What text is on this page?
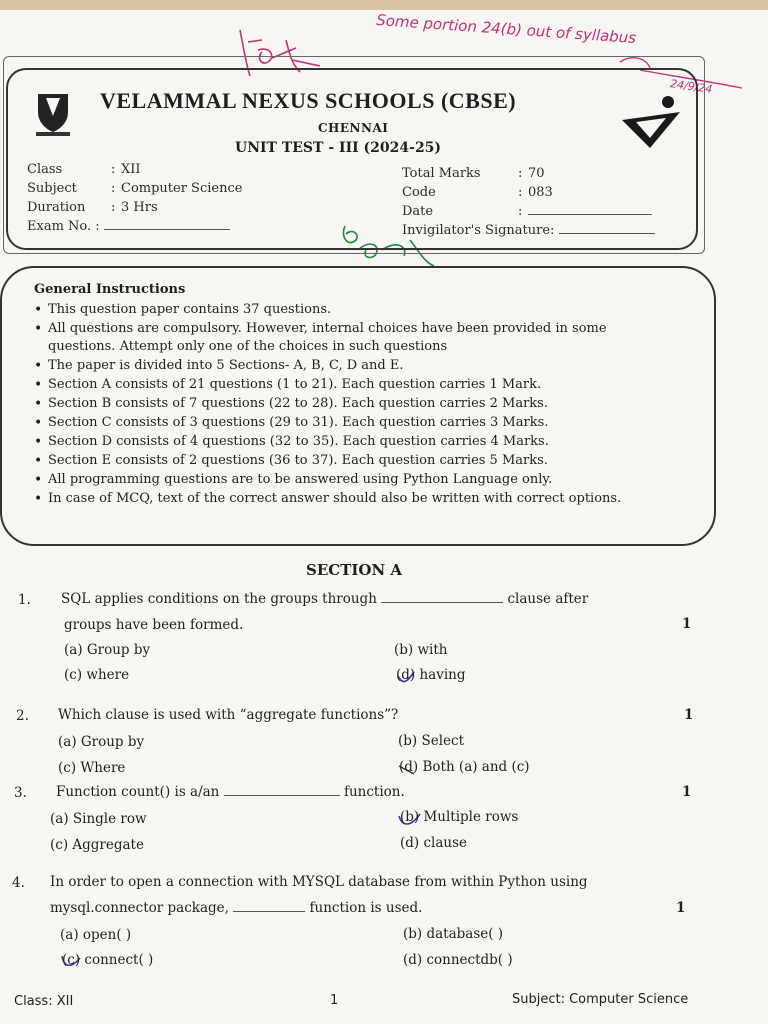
Some portion 24(b) out of syllabus
24/9/24
VELAMMAL NEXUS SCHOOLS (CBSE)
CHENNAI
UNIT TEST - III (2024-25)
Class	: XII
Subject	: Computer Science
Duration : 3 Hrs
Exam No. :
Total Marks	: 70
Code	: 083
Date	:
Invigilator's Signature:
General Instructions
• This question paper contains 37 questions.
• All questions are compulsory. However, internal choices have been provided in some questions. Attempt only one of the choices in such questions
• The paper is divided into 5 Sections- A, B, C, D and E.
• Section A consists of 21 questions (1 to 21). Each question carries 1 Mark.
• Section B consists of 7 questions (22 to 28). Each question carries 2 Marks.
• Section C consists of 3 questions (29 to 31). Each question carries 3 Marks.
• Section D consists of 4 questions (32 to 35). Each question carries 4 Marks.
• Section E consists of 2 questions (36 to 37). Each question carries 5 Marks.
• All programming questions are to be answered using Python Language only.
• In case of MCQ, text of the correct answer should also be written with correct options.
SECTION A
1. SQL applies conditions on the groups through	clause after
groups have been formed.	1
(a) Group by	(b) with
(c) where	(d) having
2. Which clause is used with “aggregate functions”?	1
(a) Group by	(b) Select
(c) Where	(d) Both (a) and (c)
3. Function count() is a/an	function.	1
(a) Single row	(b) Multiple rows
(c) Aggregate	(d) clause
4. In order to open a connection with MYSQL database from within Python using
mysql.connector package,	function is used.	1
(a) open( )	(b) database( )
(c) connect( )	(d) connectdb( )
Class: XII	1	Subject: Computer Science
